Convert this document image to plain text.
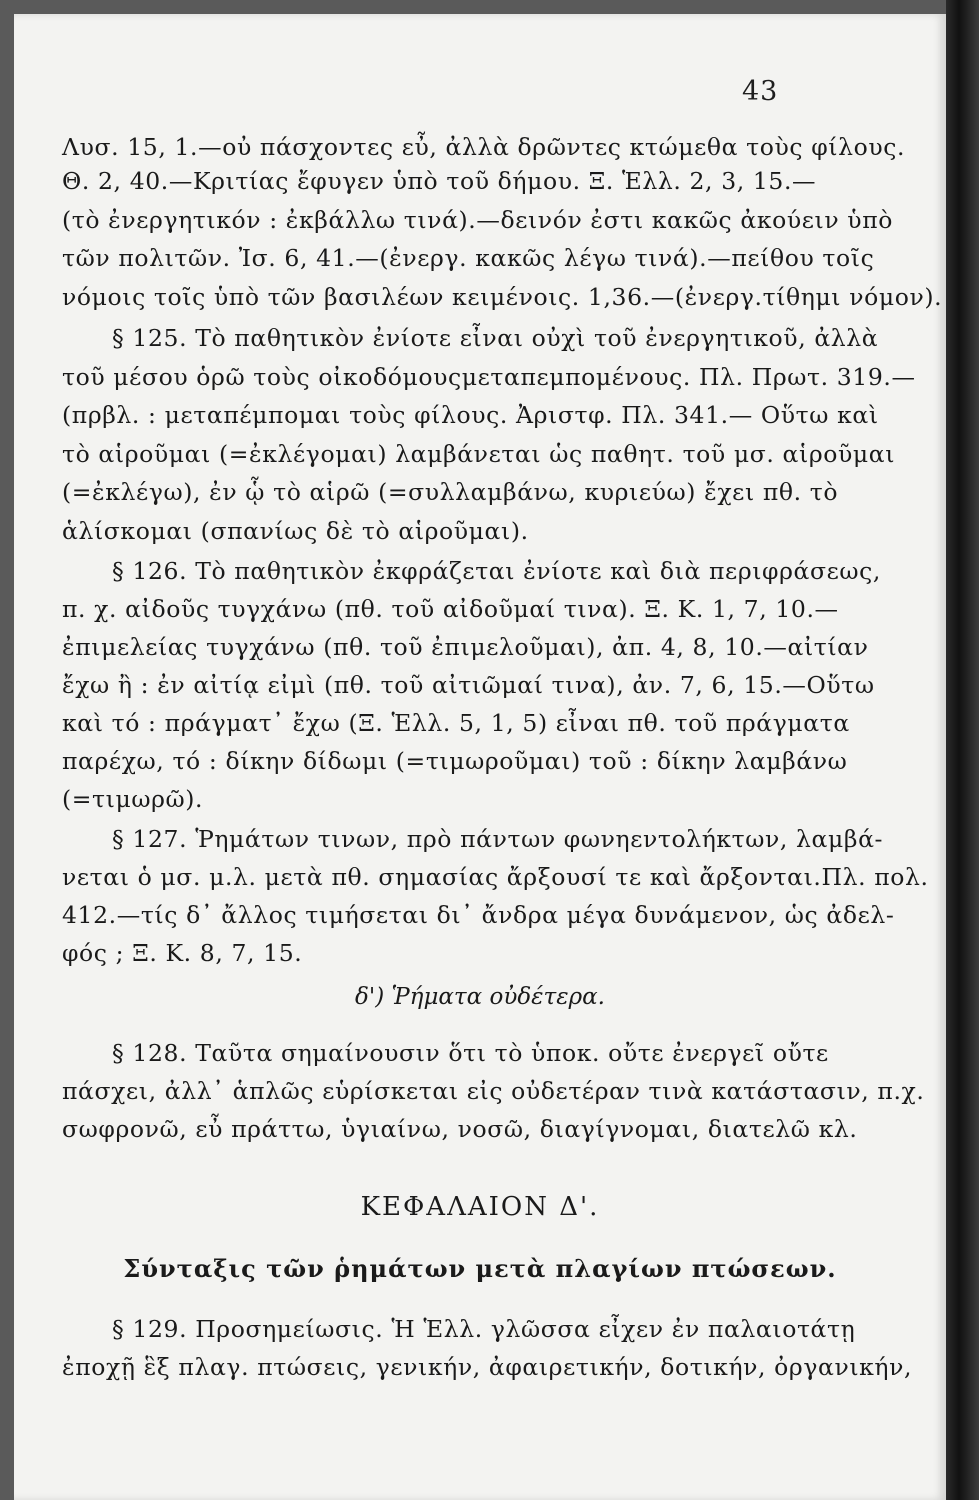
43
Λυσ. 15, 1.—οὐ πάσχοντες εὖ, ἀλλὰ δρῶντες κτώμεθα τοὺς φίλους.
Θ. 2, 40.—Κριτίας ἔφυγεν ὑπὸ τοῦ δήμου. Ξ. Ἑλλ. 2, 3, 15.—
(τὸ ἐνεργητικόν : ἐκβάλλω τινά).—δεινόν ἐστι κακῶς ἀκούειν ὑπὸ
τῶν πολιτῶν. Ἰσ. 6, 41.—(ἐνεργ. κακῶς λέγω τινά).—πείθου τοῖς
νόμοις τοῖς ὑπὸ τῶν βασιλέων κειμένοις. 1,36.—(ἐνεργ.τίθημι νόμον).
§ 125. Τὸ παθητικὸν ἐνίοτε εἶναι οὐχὶ τοῦ ἐνεργητικοῦ, ἀλλὰ
τοῦ μέσου ὁρῶ τοὺς οἰκοδόμουςμεταπεμπομένους. Πλ. Πρωτ. 319.—
(πρβλ. : μεταπέμπομαι τοὺς φίλους. Ἀριστφ. Πλ. 341.— Οὕτω καὶ
τὸ αἱροῦμαι (=ἐκλέγομαι) λαμβάνεται ὡς παθητ. τοῦ μσ. αἱροῦμαι
(=ἐκλέγω), ἐν ᾧ τὸ αἱρῶ (=συλλαμβάνω, κυριεύω) ἔχει πθ. τὸ
ἁλίσκομαι (σπανίως δὲ τὸ αἱροῦμαι).
§ 126. Τὸ παθητικὸν ἐκφράζεται ἐνίοτε καὶ διὰ περιφράσεως,
π. χ. αἰδοῦς τυγχάνω (πθ. τοῦ αἰδοῦμαί τινα). Ξ. Κ. 1, 7, 10.—
ἐπιμελείας τυγχάνω (πθ. τοῦ ἐπιμελοῦμαι), ἀπ. 4, 8, 10.—αἰτίαν
ἔχω ἢ : ἐν αἰτίᾳ εἰμὶ (πθ. τοῦ αἰτιῶμαί τινα), ἀν. 7, 6, 15.—Οὕτω
καὶ τό : πράγματ᾽ ἔχω (Ξ. Ἑλλ. 5, 1, 5) εἶναι πθ. τοῦ πράγματα
παρέχω, τό : δίκην δίδωμι (=τιμωροῦμαι) τοῦ : δίκην λαμβάνω
(=τιμωρῶ).
§ 127. Ῥημάτων τινων, πρὸ πάντων φωνηεντολήκτων, λαμβά-
νεται ὁ μσ. μ.λ. μετὰ πθ. σημασίας ἄρξουσί τε καὶ ἄρξονται.Πλ. πολ.
412.—τίς δ᾽ ἄλλος τιμήσεται δι᾽ ἄνδρα μέγα δυνάμενον, ὡς ἀδελ-
φός ; Ξ. Κ. 8, 7, 15.
δ') Ῥήματα οὐδέτερα.
§ 128. Ταῦτα σημαίνουσιν ὅτι τὸ ὑποκ. οὔτε ἐνεργεῖ οὔτε
πάσχει, ἀλλ᾽ ἁπλῶς εὑρίσκεται εἰς οὐδετέραν τινὰ κατάστασιν, π.χ.
σωφρονῶ, εὖ πράττω, ὑγιαίνω, νοσῶ, διαγίγνομαι, διατελῶ κλ.
ΚΕΦΑΛΑΙΟΝ Δ'.
Σύνταξις τῶν ῥημάτων μετὰ πλαγίων πτώσεων.
§ 129. Προσημείωσις. Ἡ Ἑλλ. γλῶσσα εἶχεν ἐν παλαιοτάτῃ
ἐποχῇ ἓξ πλαγ. πτώσεις, γενικήν, ἀφαιρετικήν, δοτικήν, ὀργανικήν,
